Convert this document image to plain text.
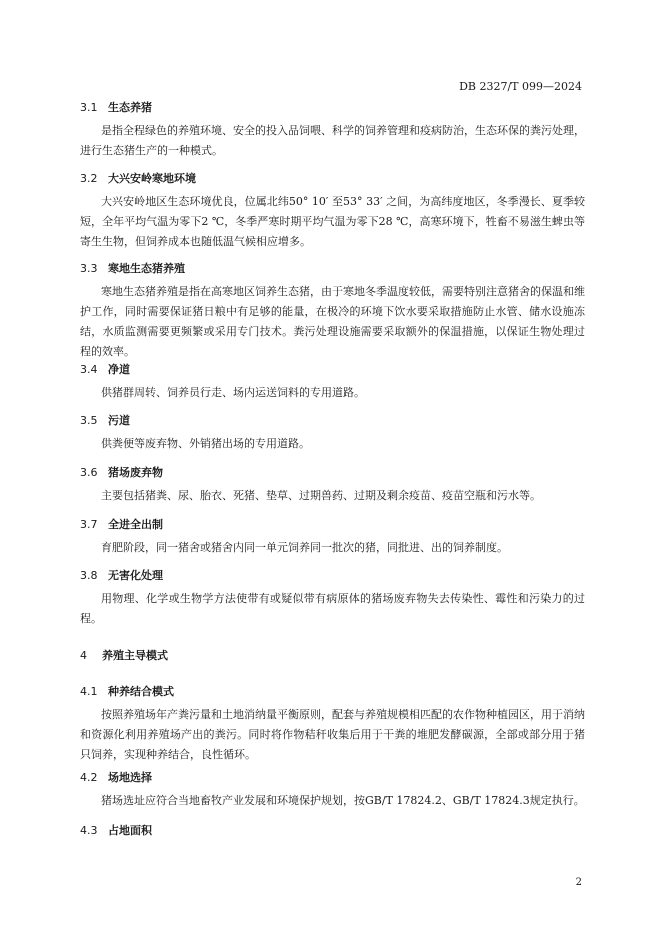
DB 2327/T 099—2024
3.1 生态养猪

是指全程绿色的养殖环境、安全的投入品饲喂、科学的饲养管理和疫病防治，生态环保的粪污处理，进行生态猪生产的一种模式。

3.2 大兴安岭寒地环境

大兴安岭地区生态环境优良，位属北纬50° 10′ 至53° 33′ 之间，为高纬度地区，冬季漫长、夏季较短，全年平均气温为零下2 ℃，冬季严寒时期平均气温为零下28 ℃，高寒环境下，牲畜不易滋生蜱虫等寄生生物，但饲养成本也随低温气候相应增多。

3.3 寒地生态猪养殖

寒地生态猪养殖是指在高寒地区饲养生态猪，由于寒地冬季温度较低，需要特别注意猪舍的保温和维护工作，同时需要保证猪日粮中有足够的能量，在极冷的环境下饮水要采取措施防止水管、储水设施冻结，水质监测需要更频繁或采用专门技术。粪污处理设施需要采取额外的保温措施，以保证生物处理过程的效率。

3.4 净道

供猪群周转、饲养员行走、场内运送饲料的专用道路。

3.5 污道

供粪便等废弃物、外销猪出场的专用道路。

3.6 猪场废弃物

主要包括猪粪、尿、胎衣、死猪、垫草、过期兽药、过期及剩余疫苗、疫苗空瓶和污水等。

3.7 全进全出制

育肥阶段，同一猪舍或猪舍内同一单元饲养同一批次的猪，同批进、出的饲养制度。

3.8 无害化处理

用物理、化学或生物学方法使带有或疑似带有病原体的猪场废弃物失去传染性、霉性和污染力的过程。

4 养殖主导模式
4.1 种养结合模式

按照养殖场年产粪污量和土地消纳量平衡原则，配套与养殖规模相匹配的农作物种植园区，用于消纳和资源化利用养殖场产出的粪污。同时将作物秸秆收集后用于干粪的堆肥发酵碳源，全部或部分用于猪只饲养，实现种养结合，良性循环。

4.2 场地选择

猪场选址应符合当地畜牧产业发展和环境保护规划，按GB/T 17824.2、GB/T 17824.3规定执行。

4.3 占地面积
2
